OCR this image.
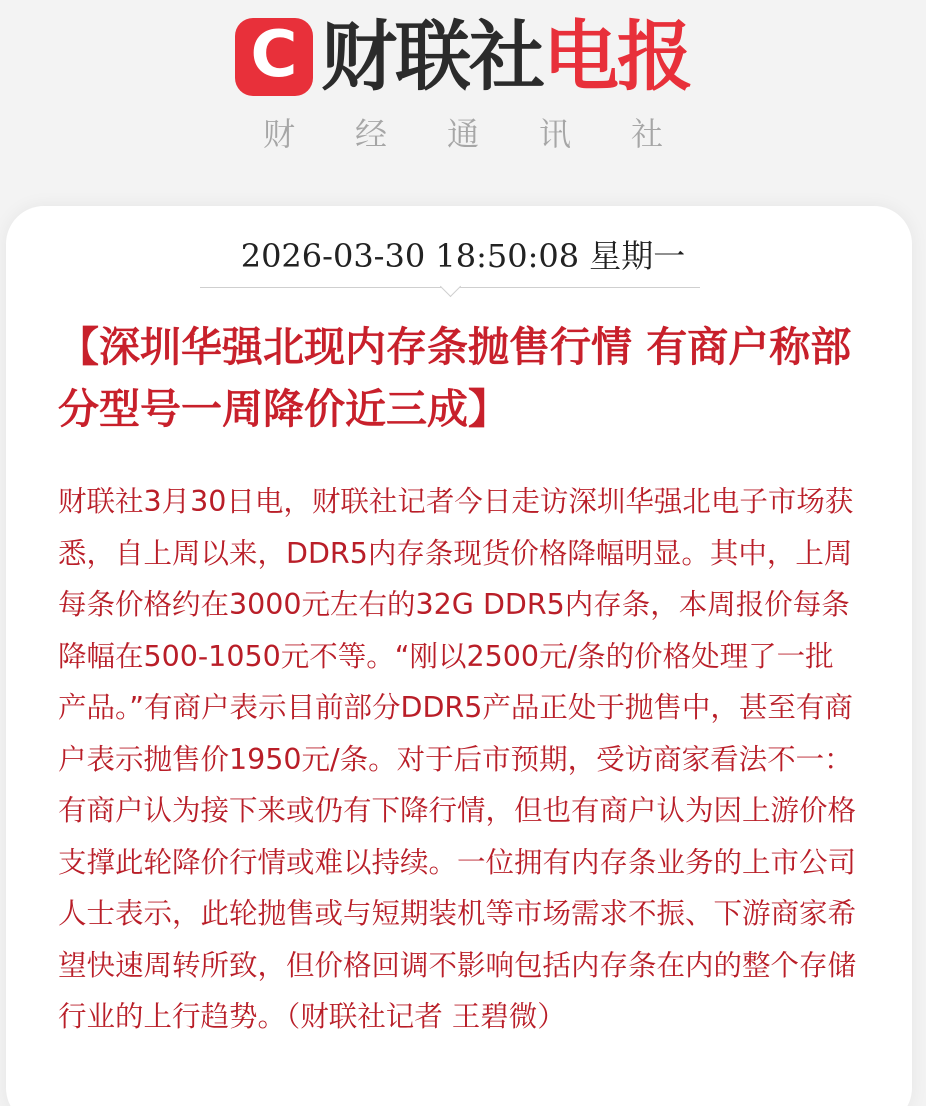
C 财联社 电报
财经通讯社
2026-03-30 18:50:08 星期一
【深圳华强北现内存条抛售行情 有商户称部分型号一周降价近三成】
财联社3月30日电，财联社记者今日走访深圳华强北电子市场获悉，自上周以来，DDR5内存条现货价格降幅明显。其中，上周每条价格约在3000元左右的32G DDR5内存条，本周报价每条降幅在500-1050元不等。“刚以2500元/条的价格处理了一批产品。”有商户表示目前部分DDR5产品正处于抛售中，甚至有商户表示抛售价1950元/条。对于后市预期，受访商家看法不一：有商户认为接下来或仍有下降行情，但也有商户认为因上游价格支撑此轮降价行情或难以持续。一位拥有内存条业务的上市公司人士表示，此轮抛售或与短期装机等市场需求不振、下游商家希望快速周转所致，但价格回调不影响包括内存条在内的整个存储行业的上行趋势。（财联社记者 王碧微）
